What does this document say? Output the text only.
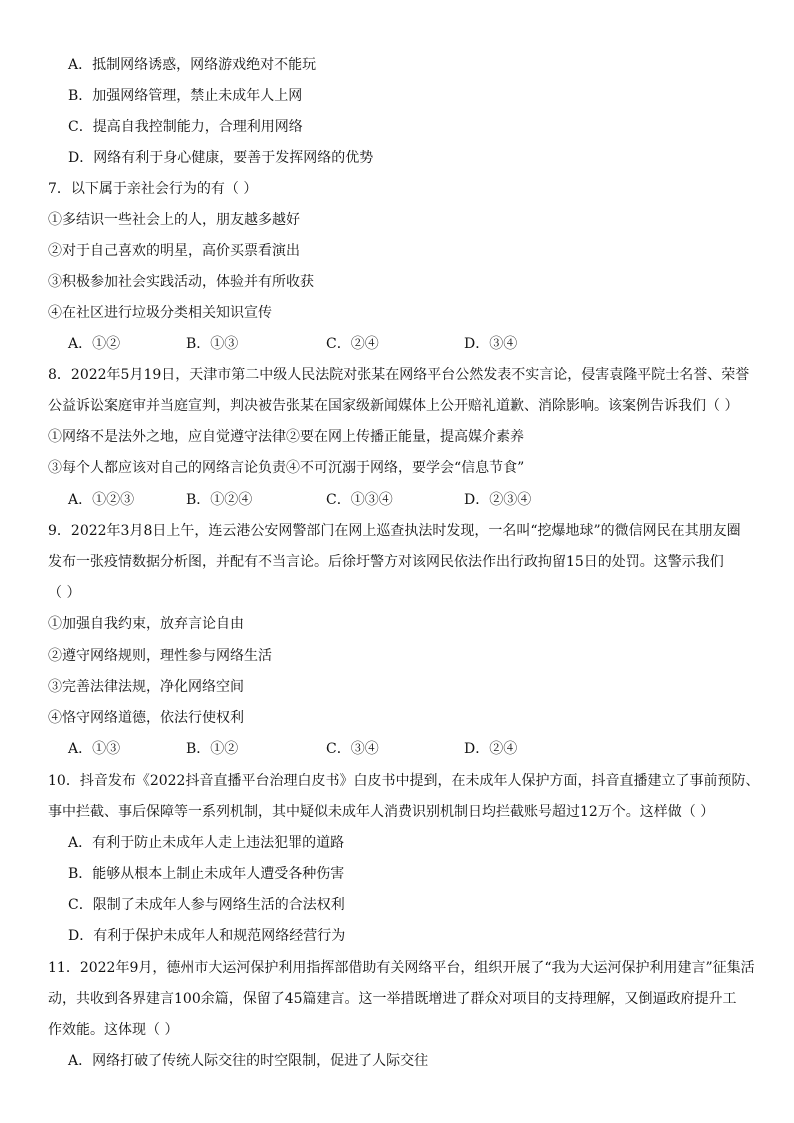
A．抵制网络诱惑，网络游戏绝对不能玩
B．加强网络管理，禁止未成年人上网
C．提高自我控制能力，合理利用网络
D．网络有利于身心健康，要善于发挥网络的优势
7．以下属于亲社会行为的有（ ）
①多结识一些社会上的人，朋友越多越好
②对于自己喜欢的明星，高价买票看演出
③积极参加社会实践活动，体验并有所收获
④在社区进行垃圾分类相关知识宣传
A．①②	B．①③	C．②④	D．③④
8．2022年5月19日，天津市第二中级人民法院对张某在网络平台公然发表不实言论，侵害袁隆平院士名誉、荣誉
公益诉讼案庭审并当庭宣判，判决被告张某在国家级新闻媒体上公开赔礼道歉、消除影响。该案例告诉我们（ ）
①网络不是法外之地，应自觉遵守法律②要在网上传播正能量，提高媒介素养
③每个人都应该对自己的网络言论负责④不可沉溺于网络，要学会“信息节食”
A．①②③	B．①②④	C．①③④	D．②③④
9．2022年3月8日上午，连云港公安网警部门在网上巡查执法时发现，一名叫“挖爆地球”的微信网民在其朋友圈
发布一张疫情数据分析图，并配有不当言论。后徐圩警方对该网民依法作出行政拘留15日的处罚。这警示我们
（ ）
①加强自我约束，放弃言论自由
②遵守网络规则，理性参与网络生活
③完善法律法规，净化网络空间
④恪守网络道德，依法行使权利
A．①③	B．①②	C．③④	D．②④
10．抖音发布《2022抖音直播平台治理白皮书》白皮书中提到，在未成年人保护方面，抖音直播建立了事前预防、
事中拦截、事后保障等一系列机制，其中疑似未成年人消费识别机制日均拦截账号超过12万个。这样做（ ）
A．有利于防止未成年人走上违法犯罪的道路
B．能够从根本上制止未成年人遭受各种伤害
C．限制了未成年人参与网络生活的合法权利
D．有利于保护未成年人和规范网络经营行为
11．2022年9月，德州市大运河保护利用指挥部借助有关网络平台，组织开展了“我为大运河保护利用建言”征集活
动，共收到各界建言100余篇，保留了45篇建言。这一举措既增进了群众对项目的支持理解，又倒逼政府提升工
作效能。这体现（ ）
A．网络打破了传统人际交往的时空限制，促进了人际交往
